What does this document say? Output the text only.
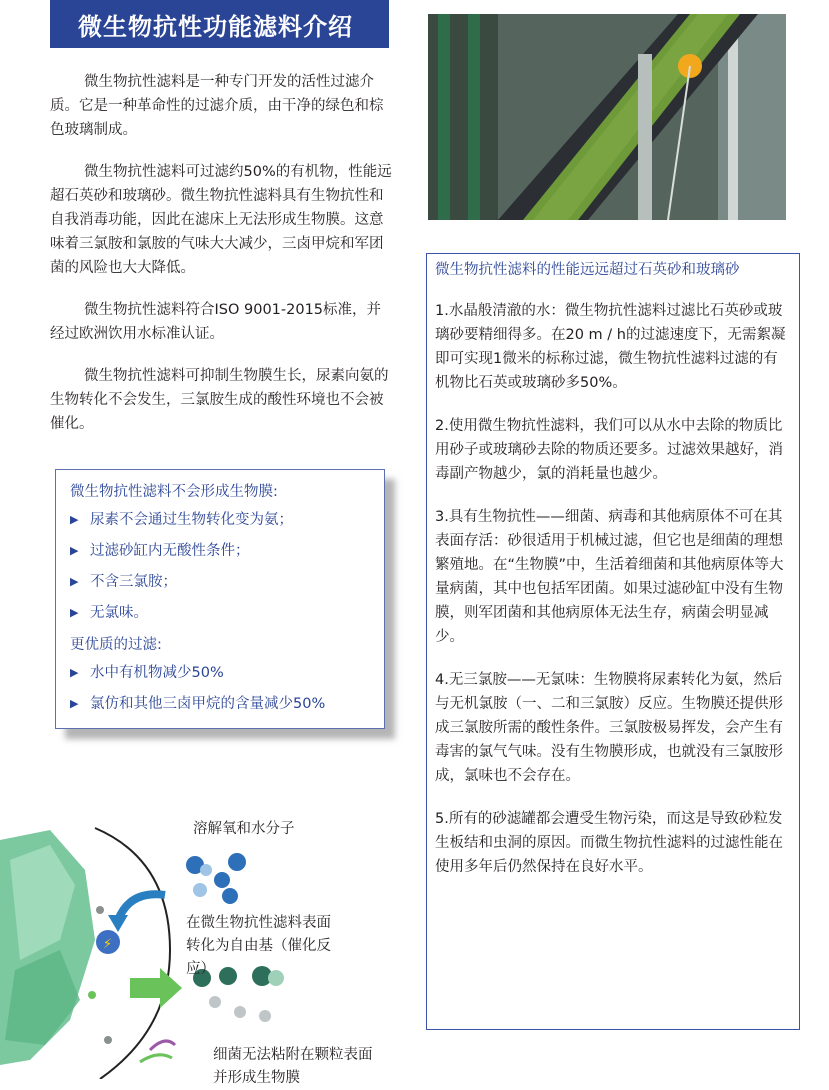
微生物抗性功能滤料介绍

微生物抗性滤料是一种专门开发的活性过滤介质。它是一种革命性的过滤介质，由干净的绿色和棕色玻璃制成。

微生物抗性滤料可过滤约50%的有机物，性能远超石英砂和玻璃砂。微生物抗性滤料具有生物抗性和自我消毒功能，因此在滤床上无法形成生物膜。这意味着三氯胺和氯胺的气味大大减少，三卤甲烷和军团菌的风险也大大降低。

微生物抗性滤料符合ISO 9001-2015标准，并经过欧洲饮用水标准认证。

微生物抗性滤料可抑制生物膜生长，尿素向氨的生物转化不会发生，三氯胺生成的酸性环境也不会被催化。

微生物抗性滤料不会形成生物膜:
▶ 尿素不会通过生物转化变为氨；
▶ 过滤砂缸内无酸性条件；
▶ 不含三氯胺；
▶ 无氯味。
更优质的过滤:
▶ 水中有机物减少50%
▶ 氯仿和其他三卤甲烷的含量减少50%
微生物抗性滤料的性能远远超过石英砂和玻璃砂

1.水晶般清澈的水：微生物抗性滤料过滤比石英砂或玻璃砂要精细得多。在20 m / h的过滤速度下，无需絮凝即可实现1微米的标称过滤，微生物抗性滤料过滤的有机物比石英或玻璃砂多50%。

2.使用微生物抗性滤料，我们可以从水中去除的物质比用砂子或玻璃砂去除的物质还要多。过滤效果越好，消毒副产物越少，氯的消耗量也越少。

3.具有生物抗性——细菌、病毒和其他病原体不可在其表面存活：砂很适用于机械过滤，但它也是细菌的理想繁殖地。在“生物膜”中，生活着细菌和其他病原体等大量病菌，其中也包括军团菌。如果过滤砂缸中没有生物膜，则军团菌和其他病原体无法生存，病菌会明显减少。

4.无三氯胺——无氯味：生物膜将尿素转化为氨，然后与无机氯胺（一、二和三氯胺）反应。生物膜还提供形成三氯胺所需的酸性条件。三氯胺极易挥发，会产生有毒害的氯气气味。没有生物膜形成，也就没有三氯胺形成，氯味也不会存在。

5.所有的砂滤罐都会遭受生物污染，而这是导致砂粒发生板结和虫洞的原因。而微生物抗性滤料的过滤性能在使用多年后仍然保持在良好水平。

⚡
溶解氧和水分子
在微生物抗性滤料表面转化为自由基（催化反应）
细菌无法粘附在颗粒表面并形成生物膜
